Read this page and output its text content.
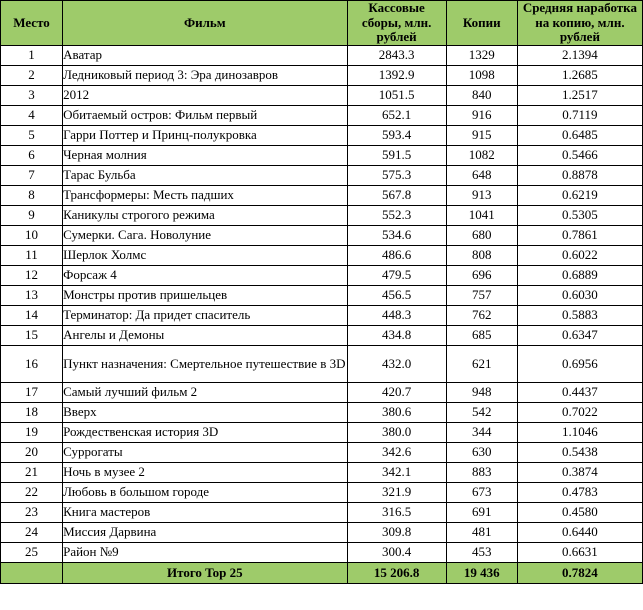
Место	Фильм	Кассовые сборы, млн. рублей	Копии	Средняя наработка на копию, млн. рублей
1	Аватар	2843.3	1329	2.1394
2	Ледниковый период 3: Эра динозавров	1392.9	1098	1.2685
3	2012	1051.5	840	1.2517
4	Обитаемый остров: Фильм первый	652.1	916	0.7119
5	Гарри Поттер и Принц-полукровка	593.4	915	0.6485
6	Черная молния	591.5	1082	0.5466
7	Тарас Бульба	575.3	648	0.8878
8	Трансформеры: Месть падших	567.8	913	0.6219
9	Каникулы строгого режима	552.3	1041	0.5305
10	Сумерки. Сага. Новолуние	534.6	680	0.7861
11	Шерлок Холмс	486.6	808	0.6022
12	Форсаж 4	479.5	696	0.6889
13	Монстры против пришельцев	456.5	757	0.6030
14	Терминатор: Да придет спаситель	448.3	762	0.5883
15	Ангелы и Демоны	434.8	685	0.6347
16	Пункт назначения: Смертельное путешествие в 3D	432.0	621	0.6956
17	Самый лучший фильм 2	420.7	948	0.4437
18	Вверх	380.6	542	0.7022
19	Рождественская история 3D	380.0	344	1.1046
20	Суррогаты	342.6	630	0.5438
21	Ночь в музее 2	342.1	883	0.3874
22	Любовь в большом городе	321.9	673	0.4783
23	Книга мастеров	316.5	691	0.4580
24	Миссия Дарвина	309.8	481	0.6440
25	Район №9	300.4	453	0.6631
	Итого Top 25	15 206.8	19 436	0.7824
